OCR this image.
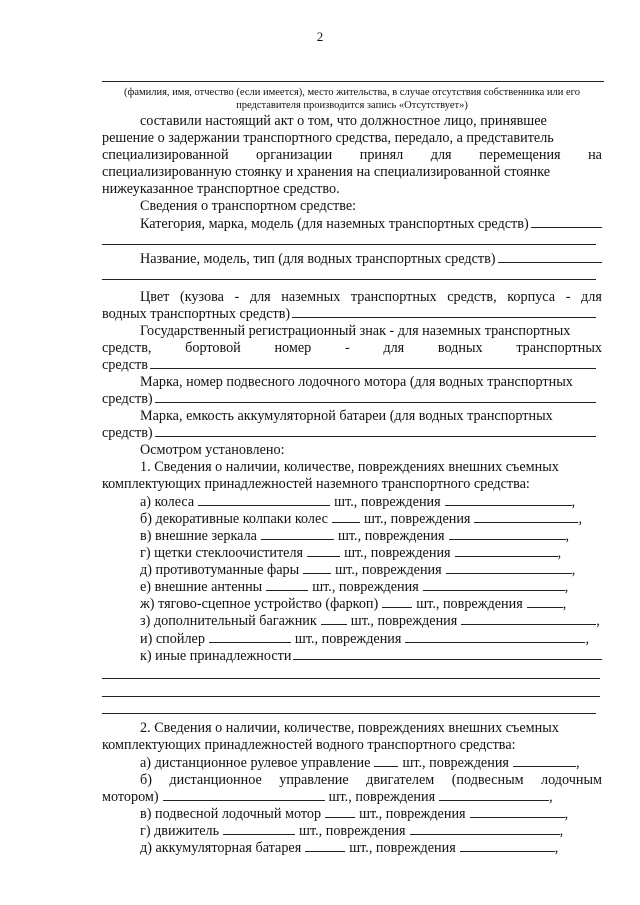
2
(фамилия, имя, отчество (если имеется), место жительства, в случае отсутствия собственника или его
представителя производится запись «Отсутствует»)
составили настоящий акт о том, что должностное лицо, принявшее
решение о задержании транспортного средства, передало, а представитель
специализированной организации принял для перемещения на
специализированную стоянку и хранения на специализированной стоянке
нижеуказанное транспортное средство.
Сведения о транспортном средстве:
Категория, марка, модель (для наземных транспортных средств)
Название, модель, тип (для водных транспортных средств)
Цвет (кузова - для наземных транспортных средств, корпуса - для
водных транспортных средств)
Государственный регистрационный знак - для наземных транспортных
средств, бортовой номер - для водных транспортных
средств
Марка, номер подвесного лодочного мотора (для водных транспортных
средств)
Марка, емкость аккумуляторной батареи (для водных транспортных
средств)
Осмотром установлено:
1. Сведения о наличии, количестве, повреждениях внешних съемных
комплектующих принадлежностей наземного транспортного средства:
а) колеса	шт., повреждения	,
б) декоративные колпаки колес	шт., повреждения	,
в) внешние зеркала	шт., повреждения	,
г) щетки стеклоочистителя	шт., повреждения	,
д) противотуманные фары	шт., повреждения	,
е) внешние антенны	шт., повреждения	,
ж) тягово-сцепное устройство (фаркоп)	шт., повреждения	,
з) дополнительный багажник шт., повреждения	,
и) спойлер	шт., повреждения	,
к) иные принадлежности
2. Сведения о наличии, количестве, повреждениях внешних съемных
комплектующих принадлежностей водного транспортного средства:
а) дистанционное рулевое управление шт., повреждения	,
б) дистанционное управление двигателем (подвесным лодочным
мотором)	шт., повреждения	,
в) подвесной лодочный мотор	шт., повреждения	,
г) движитель	шт., повреждения	,
д) аккумуляторная батарея	шт., повреждения	,
